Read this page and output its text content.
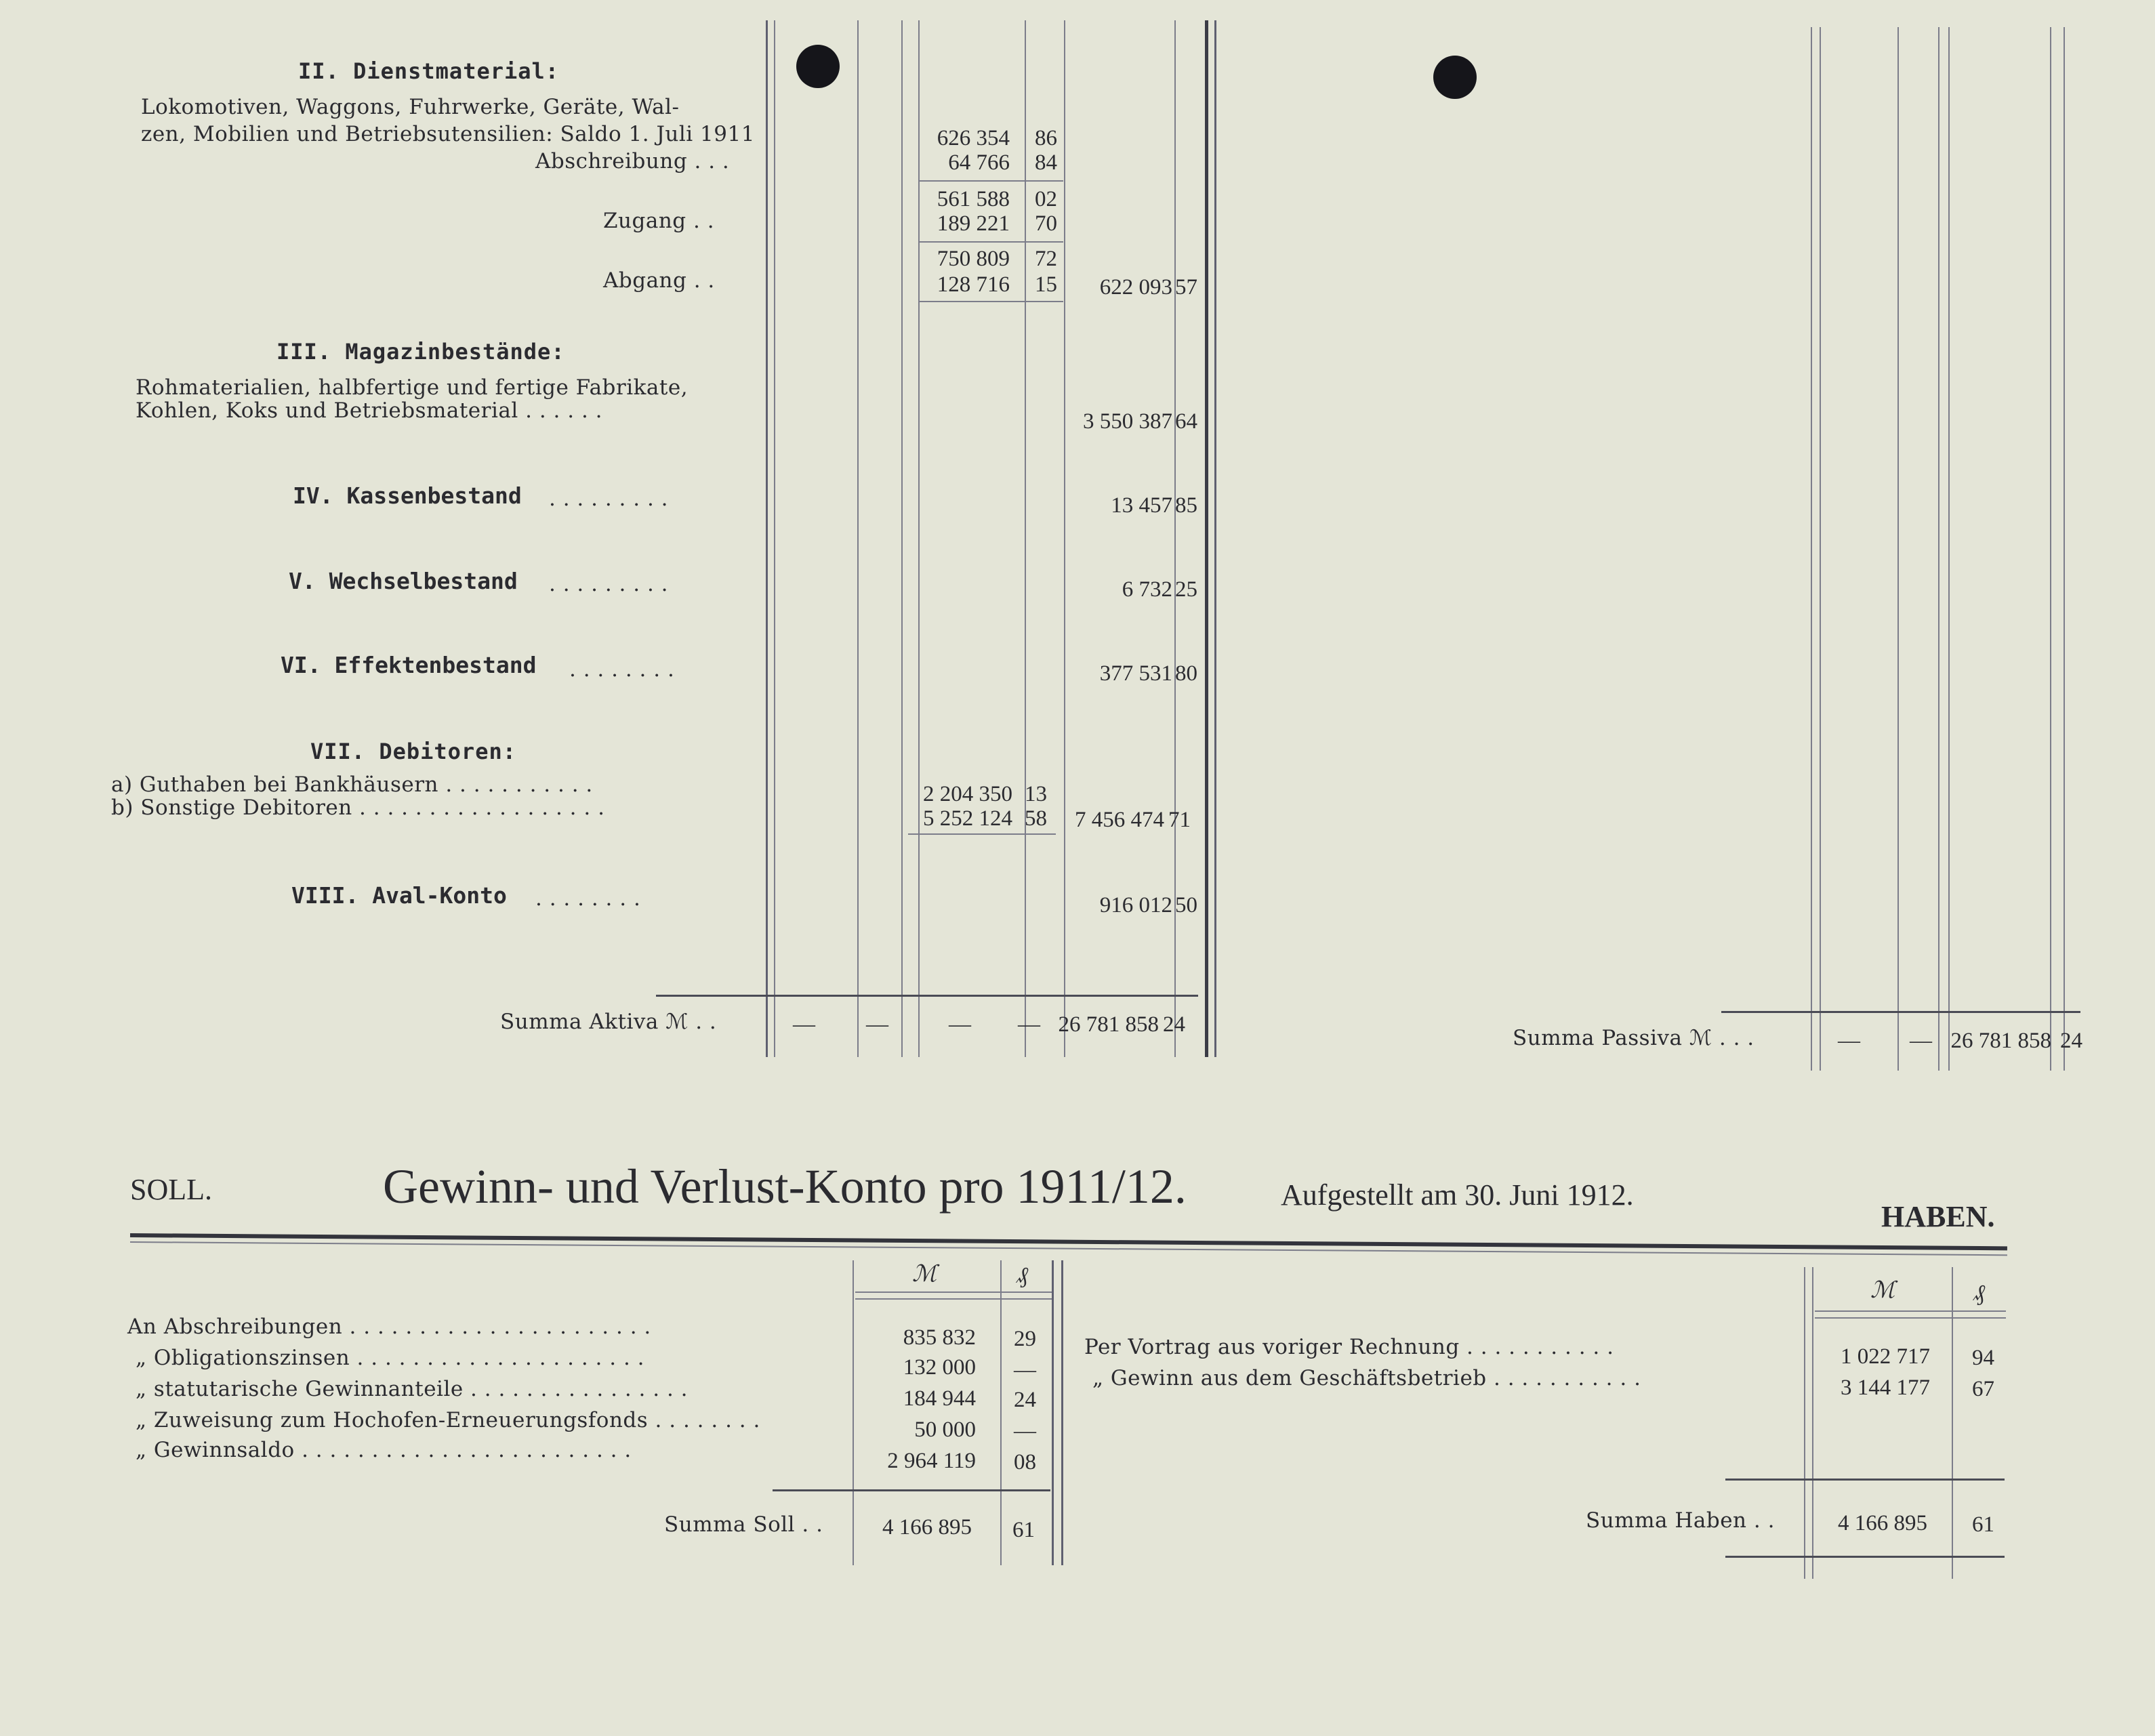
II. Dienstmaterial:
Lokomotiven, Waggons, Fuhrwerke, Geräte, Wal-
zen, Mobilien und Betriebsutensilien: Saldo 1. Juli 1911	626 354 86
Abschreibung . . .	64 766 84
561 588 02
Zugang . .	189 221 70
750 809 72
Abgang . .	128 716 15 622 093 57
III. Magazinbestände:
Rohmaterialien, halbfertige und fertige Fabrikate,
Kohlen, Koks und Betriebsmaterial . . . . . .	3 550 387 64
IV. Kassenbestand . . . . . . . . .	13 457 85
V. Wechselbestand . . . . . . . . .	6 732 25
VI. Effektenbestand . . . . . . . .	377 531 80
VII. Debitoren:
a) Guthaben bei Bankhäusern . . . . . . . . . . .	2 204 350 13
b) Sonstige Debitoren . . . . . . . . . . . . . . . . . .	5 252 124 58 7 456 474 71
VIII. Aval-Konto . . . . . . . .	916 012 50
Summa Aktiva ℳ . .	— —	— — 26 781 858 24
Summa Passiva ℳ . . .	— — 26 781 858 24
SOLL.	Gewinn- und Verlust-Konto pro 1911/12.	Aufgestellt am 30. Juni 1912.
HABEN.
ℳ	₰
An Abschreibungen . . . . . . . . . . . . . . . . . . . . . .	835 832 29
„ Obligationszinsen . . . . . . . . . . . . . . . . . . . . .	132 000 —
„ statutarische Gewinnanteile . . . . . . . . . . . . . . . .	184 944 24
„ Zuweisung zum Hochofen-Erneuerungsfonds . . . . . . . .	50 000 —
„ Gewinnsaldo . . . . . . . . . . . . . . . . . . . . . . . .	2 964 119 08
Summa Soll . .	4 166 895 61
ℳ	₰
Per Vortrag aus voriger Rechnung . . . . . . . . . . .	1 022 717 94
„ Gewinn aus dem Geschäftsbetrieb . . . . . . . . . . .	3 144 177 67
Summa Haben . .	4 166 895 61
